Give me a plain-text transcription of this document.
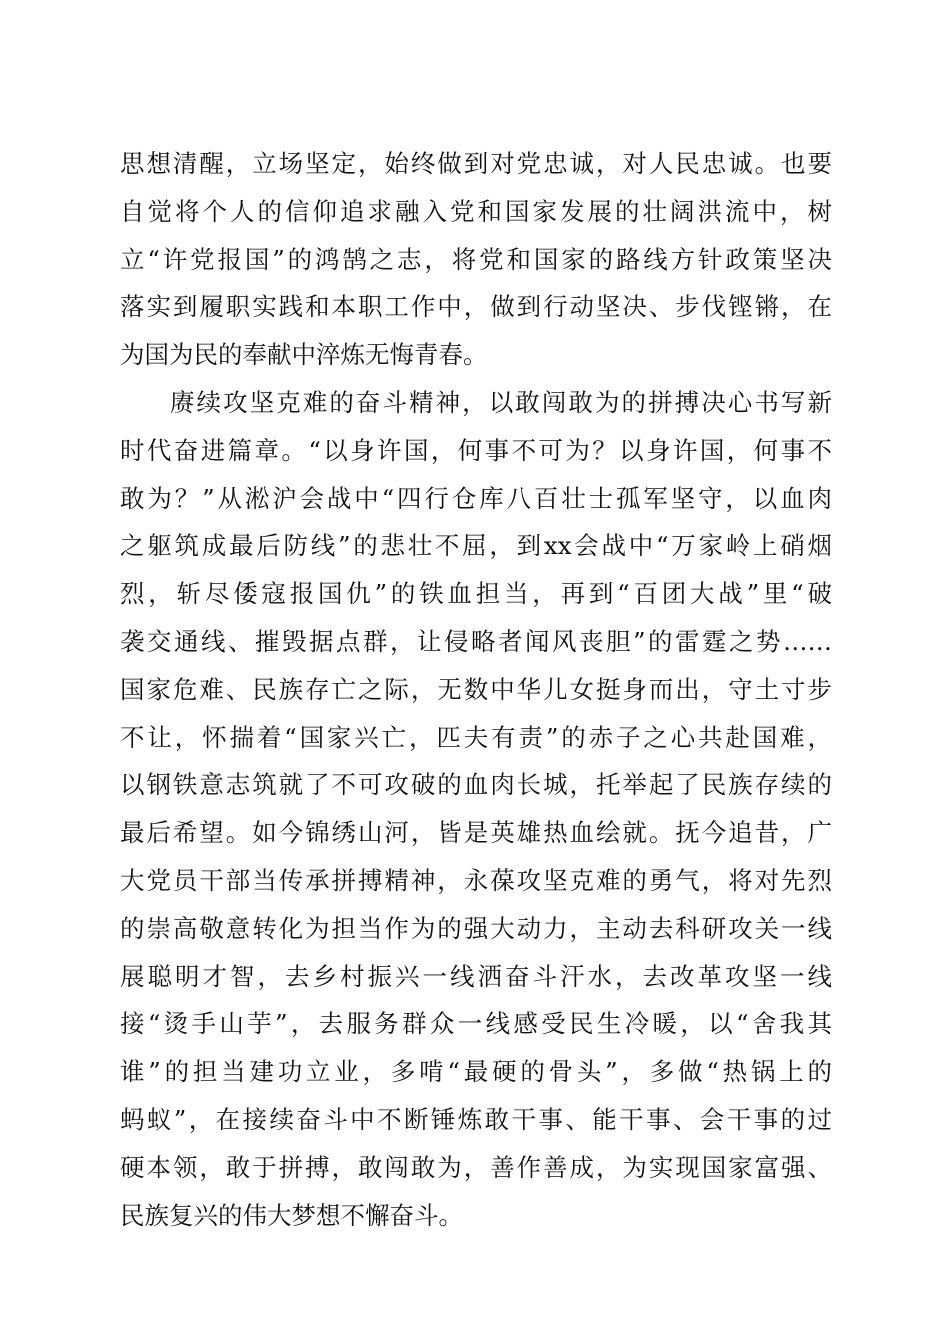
思想清醒，立场坚定，始终做到对党忠诚，对人民忠诚。也要
自觉将个人的信仰追求融入党和国家发展的壮阔洪流中，树
立“许党报国”的鸿鹄之志，将党和国家的路线方针政策坚决
落实到履职实践和本职工作中，做到行动坚决、步伐铿锵，在
为国为民的奉献中淬炼无悔青春。
赓续攻坚克难的奋斗精神，以敢闯敢为的拼搏决心书写新
时代奋进篇章。“以身许国，何事不可为？以身许国，何事不
敢为？”从淞沪会战中“四行仓库八百壮士孤军坚守，以血肉
之躯筑成最后防线”的悲壮不屈，到xx会战中“万家岭上硝烟
烈，斩尽倭寇报国仇”的铁血担当，再到“百团大战”里“破
袭交通线、摧毁据点群，让侵略者闻风丧胆”的雷霆之势……
国家危难、民族存亡之际，无数中华儿女挺身而出，守土寸步
不让，怀揣着“国家兴亡，匹夫有责”的赤子之心共赴国难，
以钢铁意志筑就了不可攻破的血肉长城，托举起了民族存续的
最后希望。如今锦绣山河，皆是英雄热血绘就。抚今追昔，广
大党员干部当传承拼搏精神，永葆攻坚克难的勇气，将对先烈
的崇高敬意转化为担当作为的强大动力，主动去科研攻关一线
展聪明才智，去乡村振兴一线洒奋斗汗水，去改革攻坚一线
接“烫手山芋”，去服务群众一线感受民生冷暖，以“舍我其
谁”的担当建功立业，多啃“最硬的骨头”，多做“热锅上的
蚂蚁”，在接续奋斗中不断锤炼敢干事、能干事、会干事的过
硬本领，敢于拼搏，敢闯敢为，善作善成，为实现国家富强、
民族复兴的伟大梦想不懈奋斗。
